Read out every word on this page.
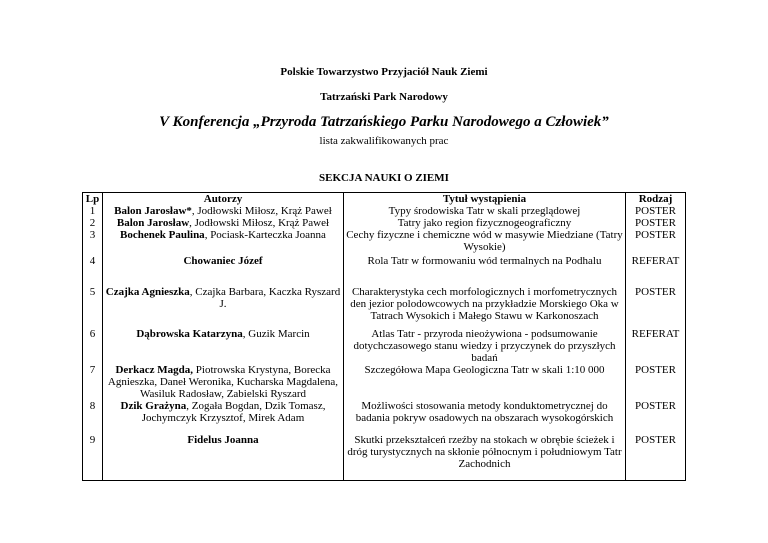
Polskie Towarzystwo Przyjaciół Nauk Ziemi
Tatrzański Park Narodowy
V Konferencja „Przyroda Tatrzańskiego Parku Narodowego a Człowiek”
lista zakwalifikowanych prac
SEKCJA NAUKI O ZIEMI
Lp	Autorzy	Tytuł wystąpienia	Rodzaj
1	Balon Jarosław*, Jodłowski Miłosz, Krąż Paweł	Typy środowiska Tatr w skali przeglądowej	POSTER
2	Balon Jarosław, Jodłowski Miłosz, Krąż Paweł	Tatry jako region fizycznogeograficzny	POSTER
3	Bochenek Paulina, Pociask-Karteczka Joanna	Cechy fizyczne i chemiczne wód w masywie Miedziane (Tatry Wysokie)	POSTER
4	Chowaniec Józef	Rola Tatr w formowaniu wód termalnych na Podhalu	REFERAT
5	Czajka Agnieszka, Czajka Barbara, Kaczka Ryszard J.	Charakterystyka cech morfologicznych i morfometrycznych den jezior polodowcowych na przykładzie Morskiego Oka w Tatrach Wysokich i Małego Stawu w Karkonoszach	POSTER
6	Dąbrowska Katarzyna, Guzik Marcin	Atlas Tatr - przyroda nieożywiona - podsumowanie dotychczasowego stanu wiedzy i przyczynek do przyszłych badań	REFERAT
7	Derkacz Magda, Piotrowska Krystyna, Borecka Agnieszka, Daneł Weronika, Kucharska Magdalena, Wasiluk Radosław, Zabielski Ryszard	Szczegółowa Mapa Geologiczna Tatr w skali 1:10 000	POSTER
8	Dzik Grażyna, Zogała Bogdan, Dzik Tomasz, Jochymczyk Krzysztof, Mirek Adam	Możliwości stosowania metody konduktometrycznej do badania pokryw osadowych na obszarach wysokogórskich	POSTER
9	Fidelus Joanna	Skutki przekształceń rzeźby na stokach w obrębie ścieżek i dróg turystycznych na skłonie północnym i południowym Tatr Zachodnich	POSTER
